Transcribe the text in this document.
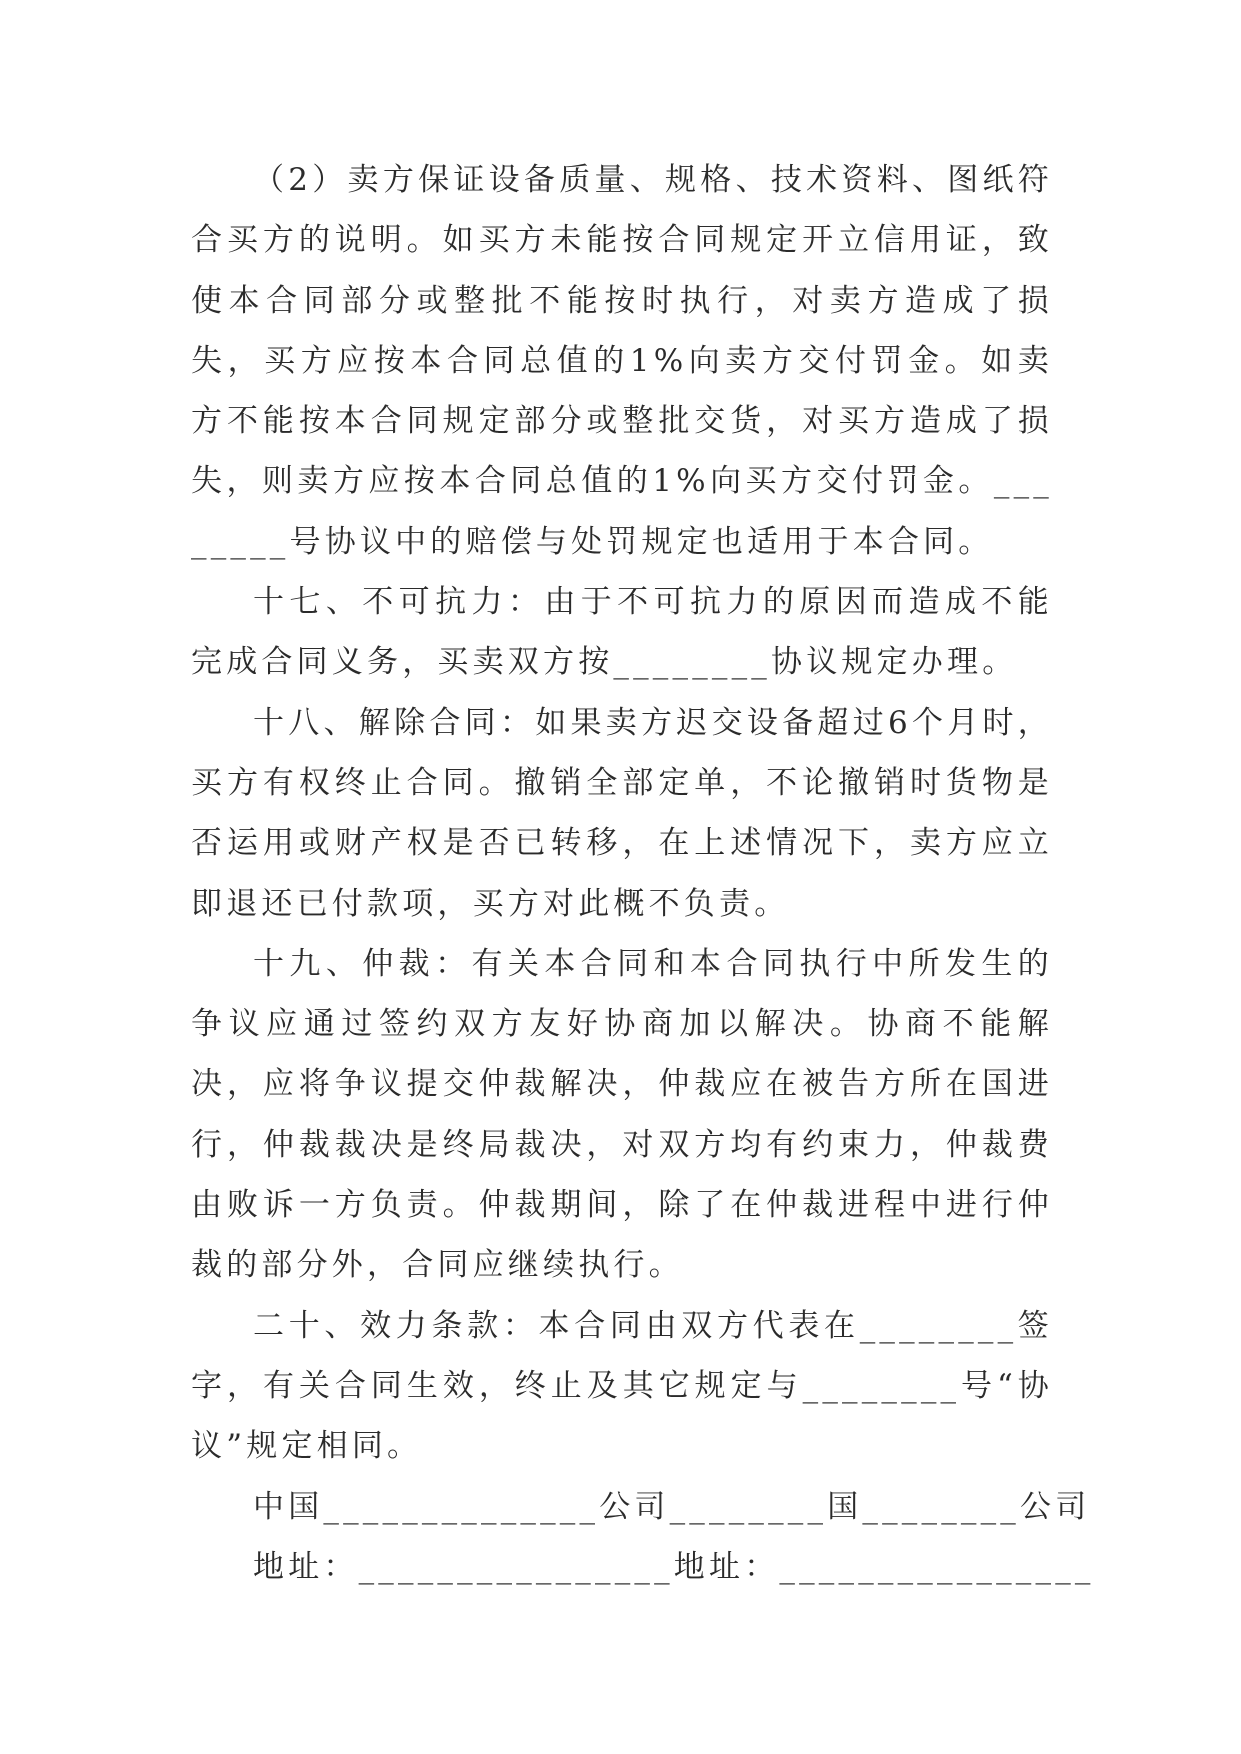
（2）卖方保证设备质量、规格、技术资料、图纸符合买方的说明。如买方未能按合同规定开立信用证，致使本合同部分或整批不能按时执行，对卖方造成了损失，买方应按本合同总值的1%向卖方交付罚金。如卖方不能按本合同规定部分或整批交货，对买方造成了损失，则卖方应按本合同总值的1%向买方交付罚金。________号协议中的赔偿与处罚规定也适用于本合同。

十七、不可抗力：由于不可抗力的原因而造成不能完成合同义务，买卖双方按________协议规定办理。

十八、解除合同：如果卖方迟交设备超过6个月时，买方有权终止合同。撤销全部定单，不论撤销时货物是否运用或财产权是否已转移，在上述情况下，卖方应立即退还已付款项，买方对此概不负责。

十九、仲裁：有关本合同和本合同执行中所发生的争议应通过签约双方友好协商加以解决。协商不能解决，应将争议提交仲裁解决，仲裁应在被告方所在国进行，仲裁裁决是终局裁决，对双方均有约束力，仲裁费由败诉一方负责。仲裁期间，除了在仲裁进程中进行仲裁的部分外，合同应继续执行。

二十、效力条款：本合同由双方代表在________签字，有关合同生效，终止及其它规定与________号“协议”规定相同。

中国______________公司________国________公司

地址：________________地址：________________
